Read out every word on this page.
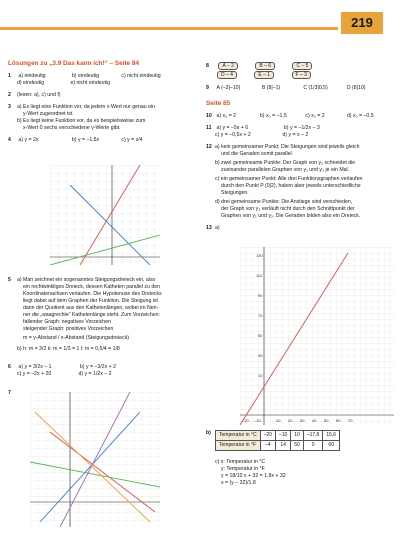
219
Lösungen zu „3.9 Das kann ich!“ – Seite 84
1 a) eindeutig	b) eindeutig	c) nicht eindeutig
d) eindeutig	e) nicht eindeutig
2 (lesen: a), c) und f)
3 a) Es liegt eine Funktion vor, da jedem x-Wert nur genau ein
y-Wert zugeordnet ist.
b) Es liegt keine Funktion vor, da es beispielsweise zum
x-Wert 0 sechs verschiedene y-Werte gibt.
4 a) y = 2x	b) y = –1,5x	c) y = x/4
5 a) Man zeichnet ein sogenanntes Steigungsdreieck ein, also
ein rechtwinkliges Dreieck, dessen Katheten parallel zu den
Koordinatenachsen verlaufen. Die Hypotenuse des Dreiecks
liegt dabei auf dem Graphen der Funktion. Die Steigung ist
dann der Quotient aus den Kathetenlängen, wobei im Nen-
ner die „waagrechte“ Kathetenlänge steht. Zum Vorzeichen:
fallender Graph: negatives Vorzeichen
steigender Graph: positives Vorzeichen
m = y-Abstand / x-Abstand (Steigungsdreieck)
b) h: m = 3/2 k: m = 1/3 = 1 l: m = 0,5/4 = 1/8
6 a) y = 3/2x – 1	b) y = –3/2x + 2
c) y = –2x + 20	d) y = 1/2x – 2
7
8	A – 2	B – 6	C – 5
D – 4	E – 1	F – 3
9 A (–3|–10)	B (8|–1)	C (1/3|0,5)	D (8|10)
Seite 85
10 a) x₀ = 2	b) x₀ = –1,5	c) x₀ = 2	d) x₀ = –0,5
11 a) y = –5x + 6	b) y = –1/2x – 3
c) y = –0,5x + 2	d) y = x – 2
12 a) kein gemeinsamer Punkt: Die Steigungen sind jeweils gleich
und die Geraden somit parallel.
b) zwei gemeinsame Punkte: Der Graph von y₂ schneidet die
zueinander parallelen Graphen von y₁ und y₃ je ein Mal.
c) ein gemeinsamer Punkt: Alle drei Funktionsgraphen verlaufen
durch den Punkt P (0|2), haben aber jeweils unterschiedliche
Steigungen.
d) drei gemeinsame Punkte: Die Anstiege sind verschieden,
der Graph von y₃ verläuft nicht durch den Schnittpunkt der
Graphen von y₁ und y₂. Die Geraden bilden also ein Dreieck.
13 a)
130
110
90
70
50
30
10
–20 –10	10 20 30 40 50 60 70
b)	Temperatur in °C	–20	–10	10	–17,8	15,6
Temperatur in °F	–4	14	50	0	60
c) x: Temperatur in °C
y: Temperatur in °F
y = 18/10 x + 32 = 1,8x + 32
x = (y – 32)/1,8
